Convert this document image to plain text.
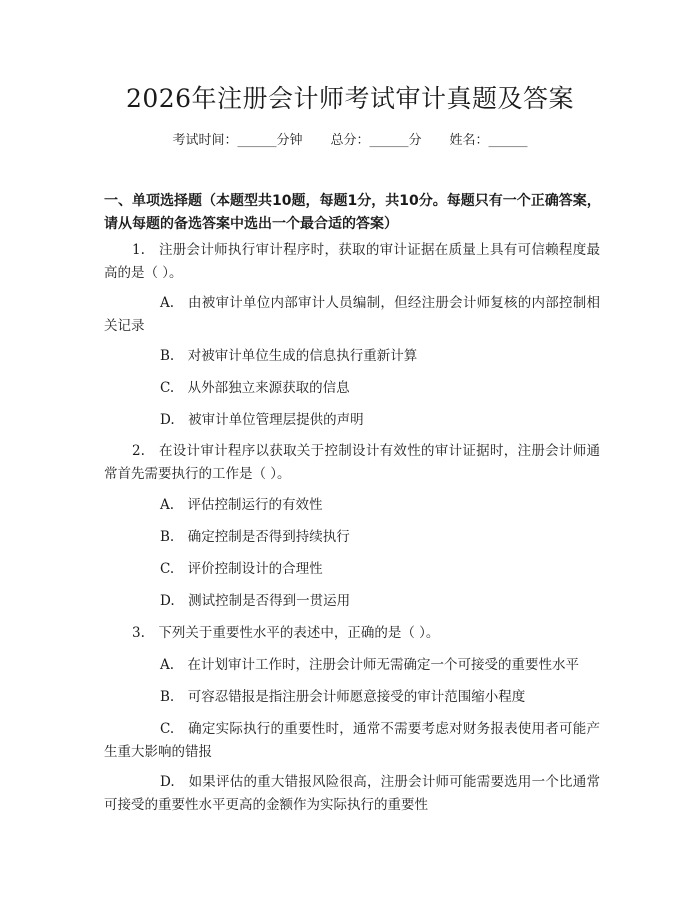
2026年注册会计师考试审计真题及答案
考试时间：______分钟 总分：______分 姓名：______
一、单项选择题（本题型共10题，每题1分，共10分。每题只有一个正确答案，请从每题的备选答案中选出一个最合适的答案）
1.　注册会计师执行审计程序时，获取的审计证据在质量上具有可信赖程度最高的是（ ）。
A.　由被审计单位内部审计人员编制，但经注册会计师复核的内部控制相关记录
B.　对被审计单位生成的信息执行重新计算
C.　从外部独立来源获取的信息
D.　被审计单位管理层提供的声明
2.　在设计审计程序以获取关于控制设计有效性的审计证据时，注册会计师通常首先需要执行的工作是（ ）。
A.　评估控制运行的有效性
B.　确定控制是否得到持续执行
C.　评价控制设计的合理性
D.　测试控制是否得到一贯运用
3.　下列关于重要性水平的表述中，正确的是（ ）。
A.　在计划审计工作时，注册会计师无需确定一个可接受的重要性水平
B.　可容忍错报是指注册会计师愿意接受的审计范围缩小程度
C.　确定实际执行的重要性时，通常不需要考虑对财务报表使用者可能产生重大影响的错报
D.　如果评估的重大错报风险很高，注册会计师可能需要选用一个比通常可接受的重要性水平更高的金额作为实际执行的重要性
